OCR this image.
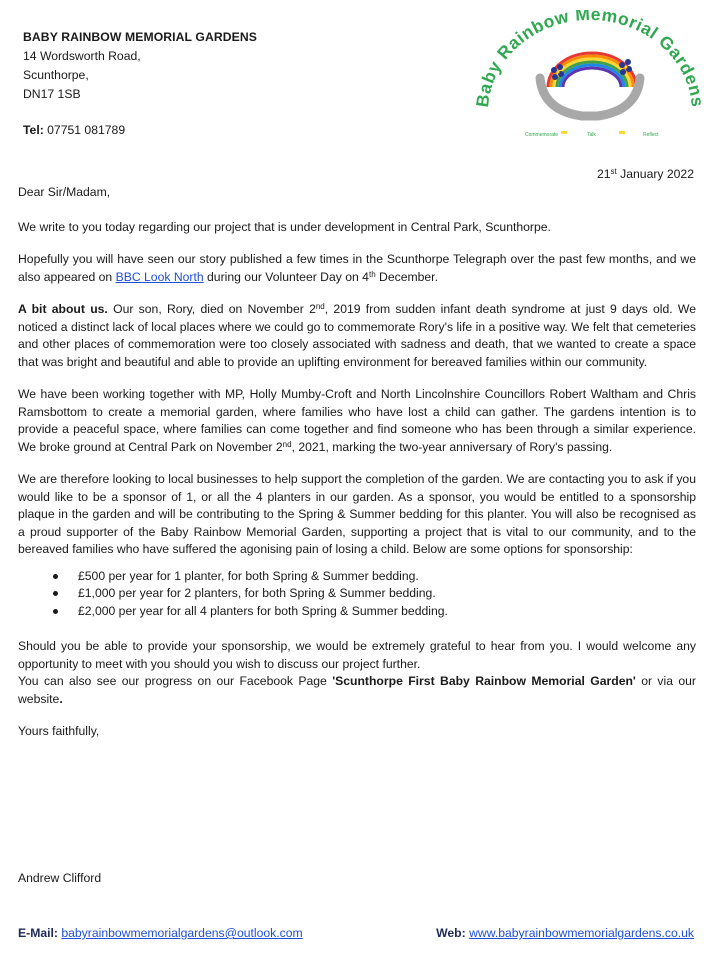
BABY RAINBOW MEMORIAL GARDENS
14 Wordsworth Road,
Scunthorpe,
DN17 1SB
Tel: 07751 081789
Baby Rainbow Memorial Gardens
Commemorate	Talk	Reflect
21st January 2022

Dear Sir/Madam,

We write to you today regarding our project that is under development in Central Park, Scunthorpe.

Hopefully you will have seen our story published a few times in the Scunthorpe Telegraph over the past few months, and we also appeared on BBC Look North during our Volunteer Day on 4th December.

A bit about us. Our son, Rory, died on November 2nd, 2019 from sudden infant death syndrome at just 9 days old. We noticed a distinct lack of local places where we could go to commemorate Rory's life in a positive way. We felt that cemeteries and other places of commemoration were too closely associated with sadness and death, that we wanted to create a space that was bright and beautiful and able to provide an uplifting environment for bereaved families within our community.

We have been working together with MP, Holly Mumby-Croft and North Lincolnshire Councillors Robert Waltham and Chris Ramsbottom to create a memorial garden, where families who have lost a child can gather. The gardens intention is to provide a peaceful space, where families can come together and find someone who has been through a similar experience. We broke ground at Central Park on November 2nd, 2021, marking the two-year anniversary of Rory's passing.

We are therefore looking to local businesses to help support the completion of the garden. We are contacting you to ask if you would like to be a sponsor of 1, or all the 4 planters in our garden. As a sponsor, you would be entitled to a sponsorship plaque in the garden and will be contributing to the Spring & Summer bedding for this planter. You will also be recognised as a proud supporter of the Baby Rainbow Memorial Garden, supporting a project that is vital to our community, and to the bereaved families who have suffered the agonising pain of losing a child. Below are some options for sponsorship:

£500 per year for 1 planter, for both Spring & Summer bedding.
£1,000 per year for 2 planters, for both Spring & Summer bedding.
£2,000 per year for all 4 planters for both Spring & Summer bedding.

Should you be able to provide your sponsorship, we would be extremely grateful to hear from you. I would welcome any opportunity to meet with you should you wish to discuss our project further.
You can also see our progress on our Facebook Page 'Scunthorpe First Baby Rainbow Memorial Garden' or via our website.

Yours faithfully,

Andrew Clifford
E-Mail: babyrainbowmemorialgardens@outlook.com	Web: www.babyrainbowmemorialgardens.co.uk
